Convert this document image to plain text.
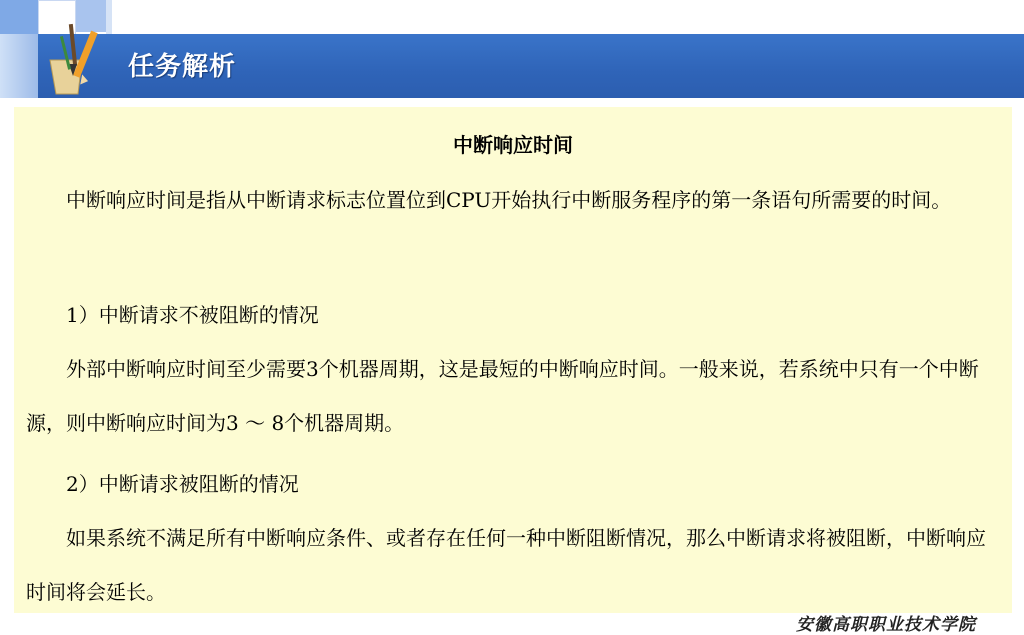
任务解析
中断响应时间

中断响应时间是指从中断请求标志位置位到CPU开始执行中断服务程序的第一条语句所需要的时间。

1）中断请求不被阻断的情况

外部中断响应时间至少需要3个机器周期，这是最短的中断响应时间。一般来说，若系统中只有一个中断源，则中断响应时间为3 ～ 8个机器周期。

2）中断请求被阻断的情况

如果系统不满足所有中断响应条件、或者存在任何一种中断阻断情况，那么中断请求将被阻断，中断响应时间将会延长。

安徽高职职业技术学院
